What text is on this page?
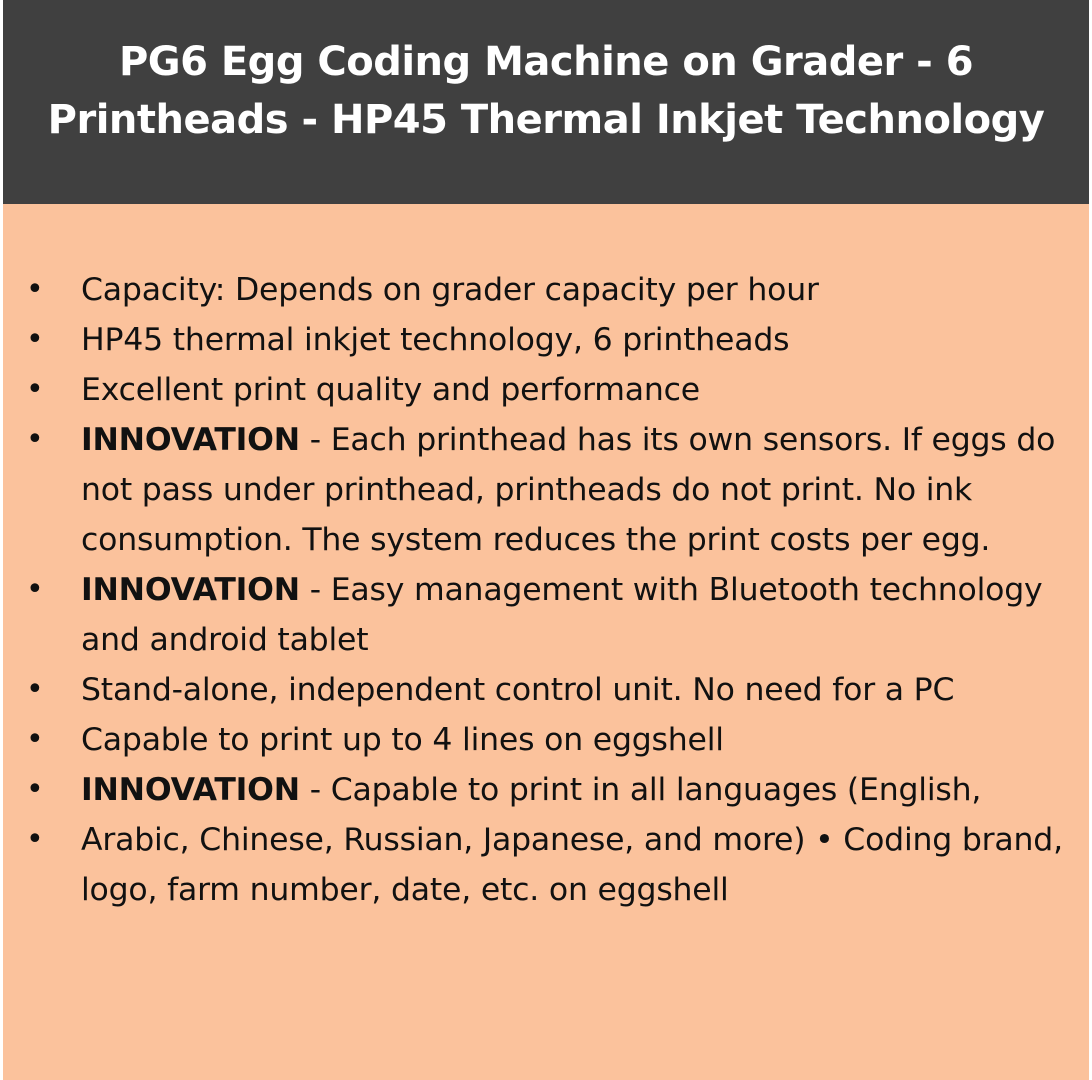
PG6 Egg Coding Machine on Grader - 6
Printheads - HP45 Thermal Inkjet Technology
• Capacity: Depends on grader capacity per hour
• HP45 thermal inkjet technology, 6 printheads
• Excellent print quality and performance
• INNOVATION - Each printhead has its own sensors. If eggs do not pass under printhead, printheads do not print. No ink consumption. The system reduces the print costs per egg.
• INNOVATION - Easy management with Bluetooth technology and android tablet
• Stand-alone, independent control unit. No need for a PC
• Capable to print up to 4 lines on eggshell
• INNOVATION - Capable to print in all languages (English,
• Arabic, Chinese, Russian, Japanese, and more) • Coding brand, logo, farm number, date, etc. on eggshell
